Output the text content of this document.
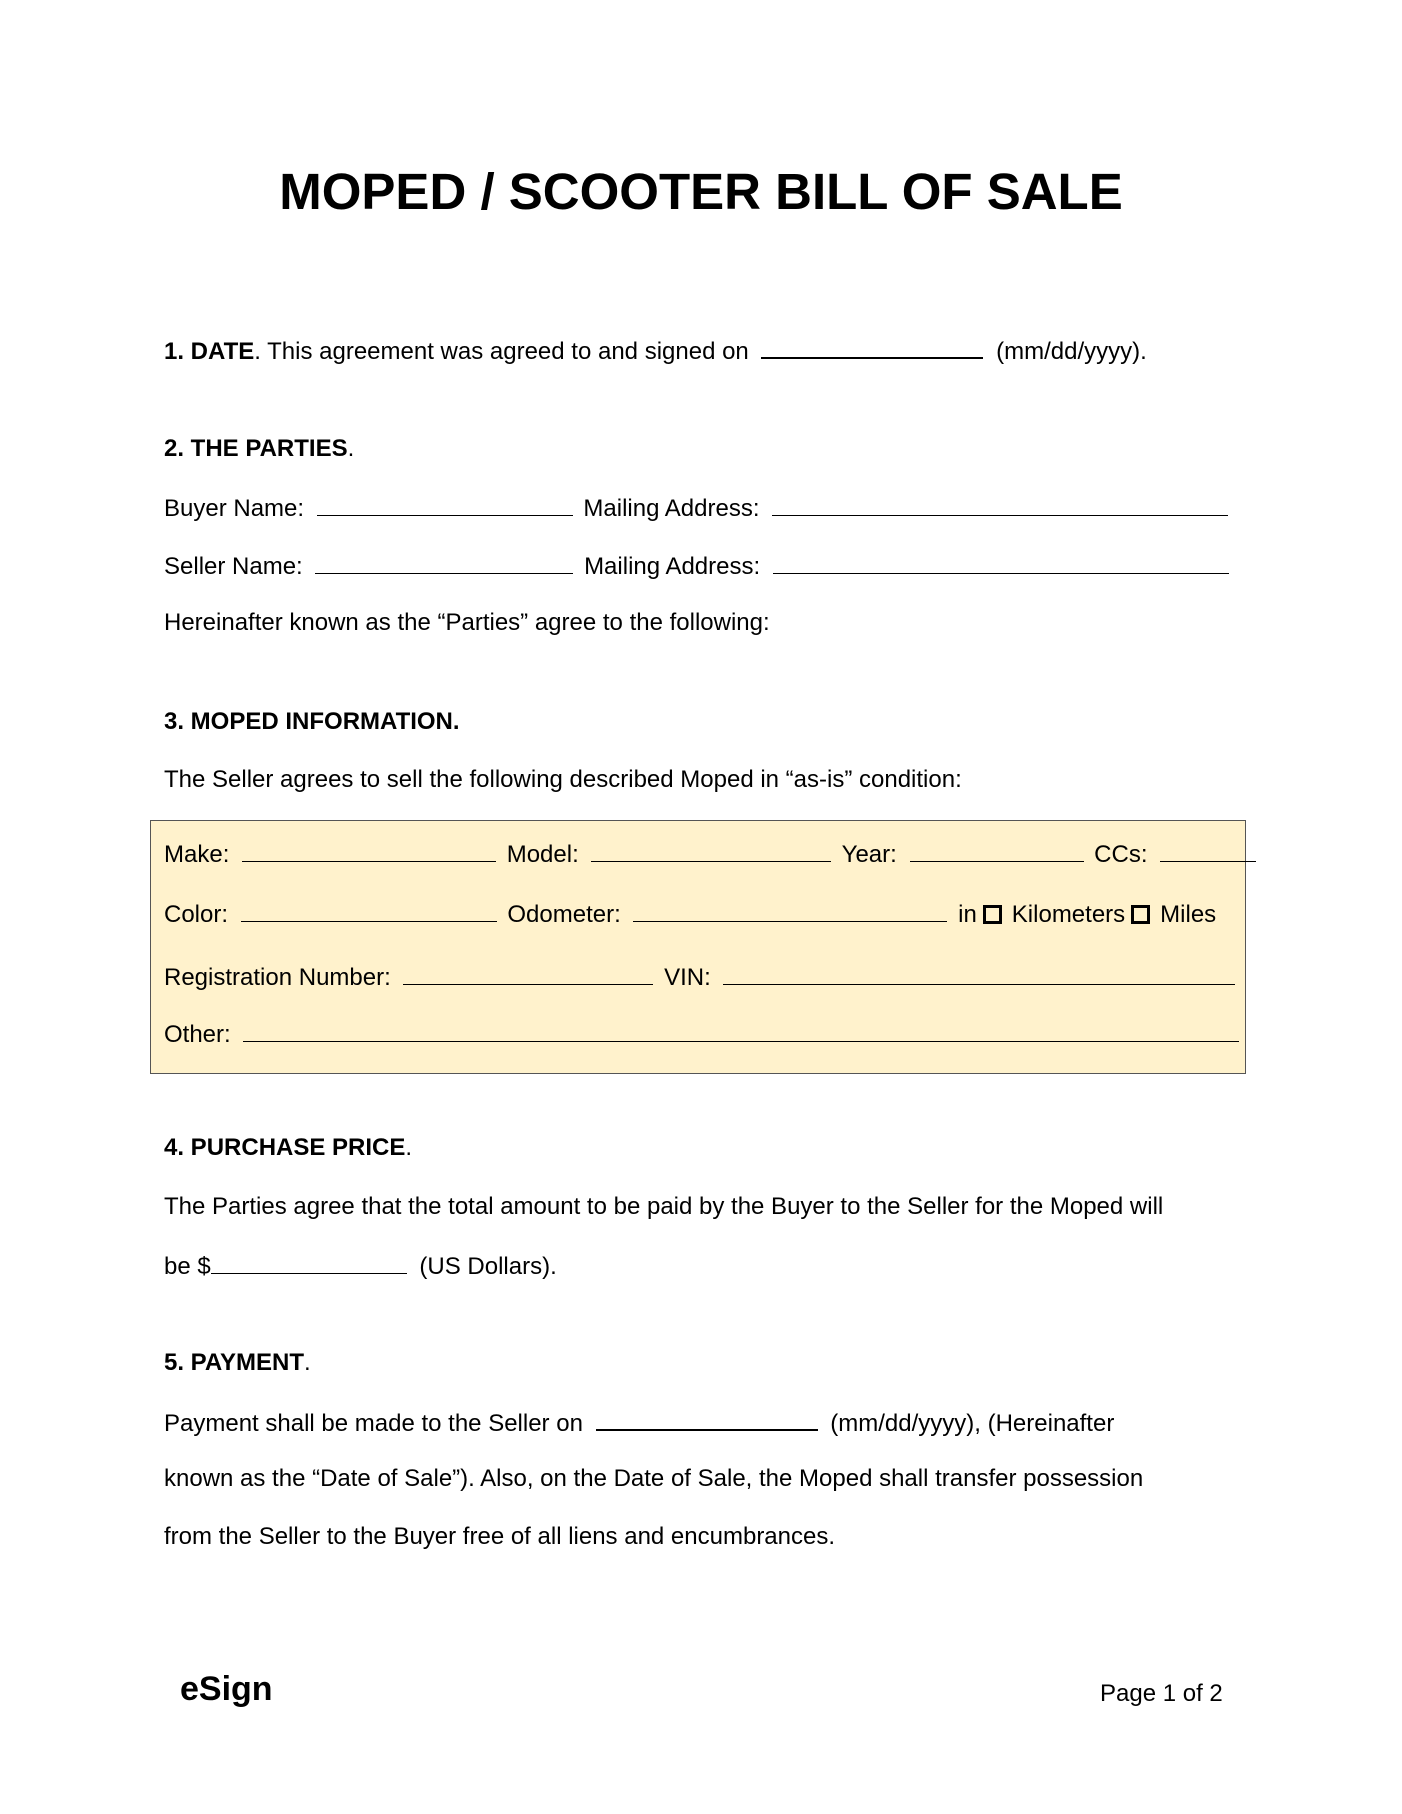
MOPED / SCOOTER BILL OF SALE
1. DATE. This agreement was agreed to and signed on	(mm/dd/yyyy).
2. THE PARTIES.
Buyer Name:	Mailing Address:
Seller Name:	Mailing Address:
Hereinafter known as the “Parties” agree to the following:
3. MOPED INFORMATION.
The Seller agrees to sell the following described Moped in “as-is” condition:
Make:	Model:	Year:	CCs:
Color:	Odometer:	in Kilometers Miles
Registration Number:	VIN:
Other:
4. PURCHASE PRICE.
The Parties agree that the total amount to be paid by the Buyer to the Seller for the Moped will
be $	(US Dollars).
5. PAYMENT.
Payment shall be made to the Seller on	(mm/dd/yyyy), (Hereinafter
known as the “Date of Sale”). Also, on the Date of Sale, the Moped shall transfer possession
from the Seller to the Buyer free of all liens and encumbrances.
eSign	Page 1 of 2
